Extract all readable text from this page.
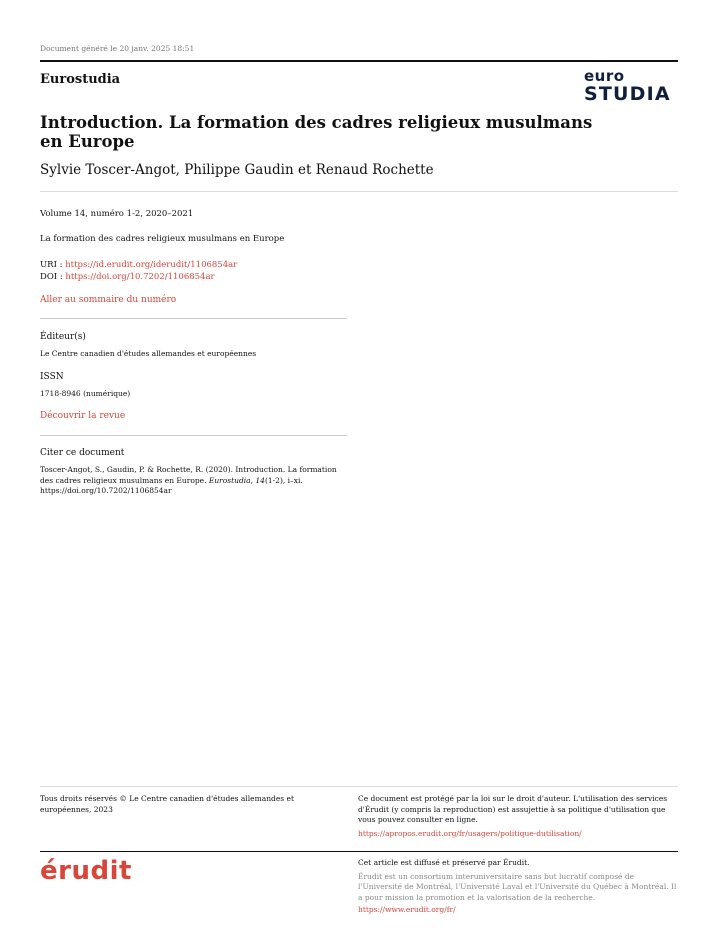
Document généré le 20 janv. 2025 18:51
Eurostudia	euro
STUDIA
Introduction. La formation des cadres religieux musulmans en Europe
Sylvie Toscer-Angot, Philippe Gaudin et Renaud Rochette
Volume 14, numéro 1-2, 2020–2021
La formation des cadres religieux musulmans en Europe
URI : https://id.erudit.org/iderudit/1106854ar
DOI : https://doi.org/10.7202/1106854ar
Aller au sommaire du numéro
Éditeur(s)
Le Centre canadien d'études allemandes et européennes
ISSN
1718-8946 (numérique)
Découvrir la revue
Citer ce document
Toscer-Angot, S., Gaudin, P. & Rochette, R. (2020). Introduction. La formation des cadres religieux musulmans en Europe. Eurostudia, 14(1-2), i–xi. https://doi.org/10.7202/1106854ar
Tous droits réservés © Le Centre canadien d'études allemandes et européennes, 2023
Ce document est protégé par la loi sur le droit d'auteur. L'utilisation des services d'Érudit (y compris la reproduction) est assujettie à sa politique d'utilisation que vous pouvez consulter en ligne.
https://apropos.erudit.org/fr/usagers/politique-dutilisation/
érudit	Cet article est diffusé et préservé par Érudit.
Érudit est un consortium interuniversitaire sans but lucratif composé de l'Université de Montréal, l'Université Laval et l'Université du Québec à Montréal. Il a pour mission la promotion et la valorisation de la recherche.
https://www.erudit.org/fr/
